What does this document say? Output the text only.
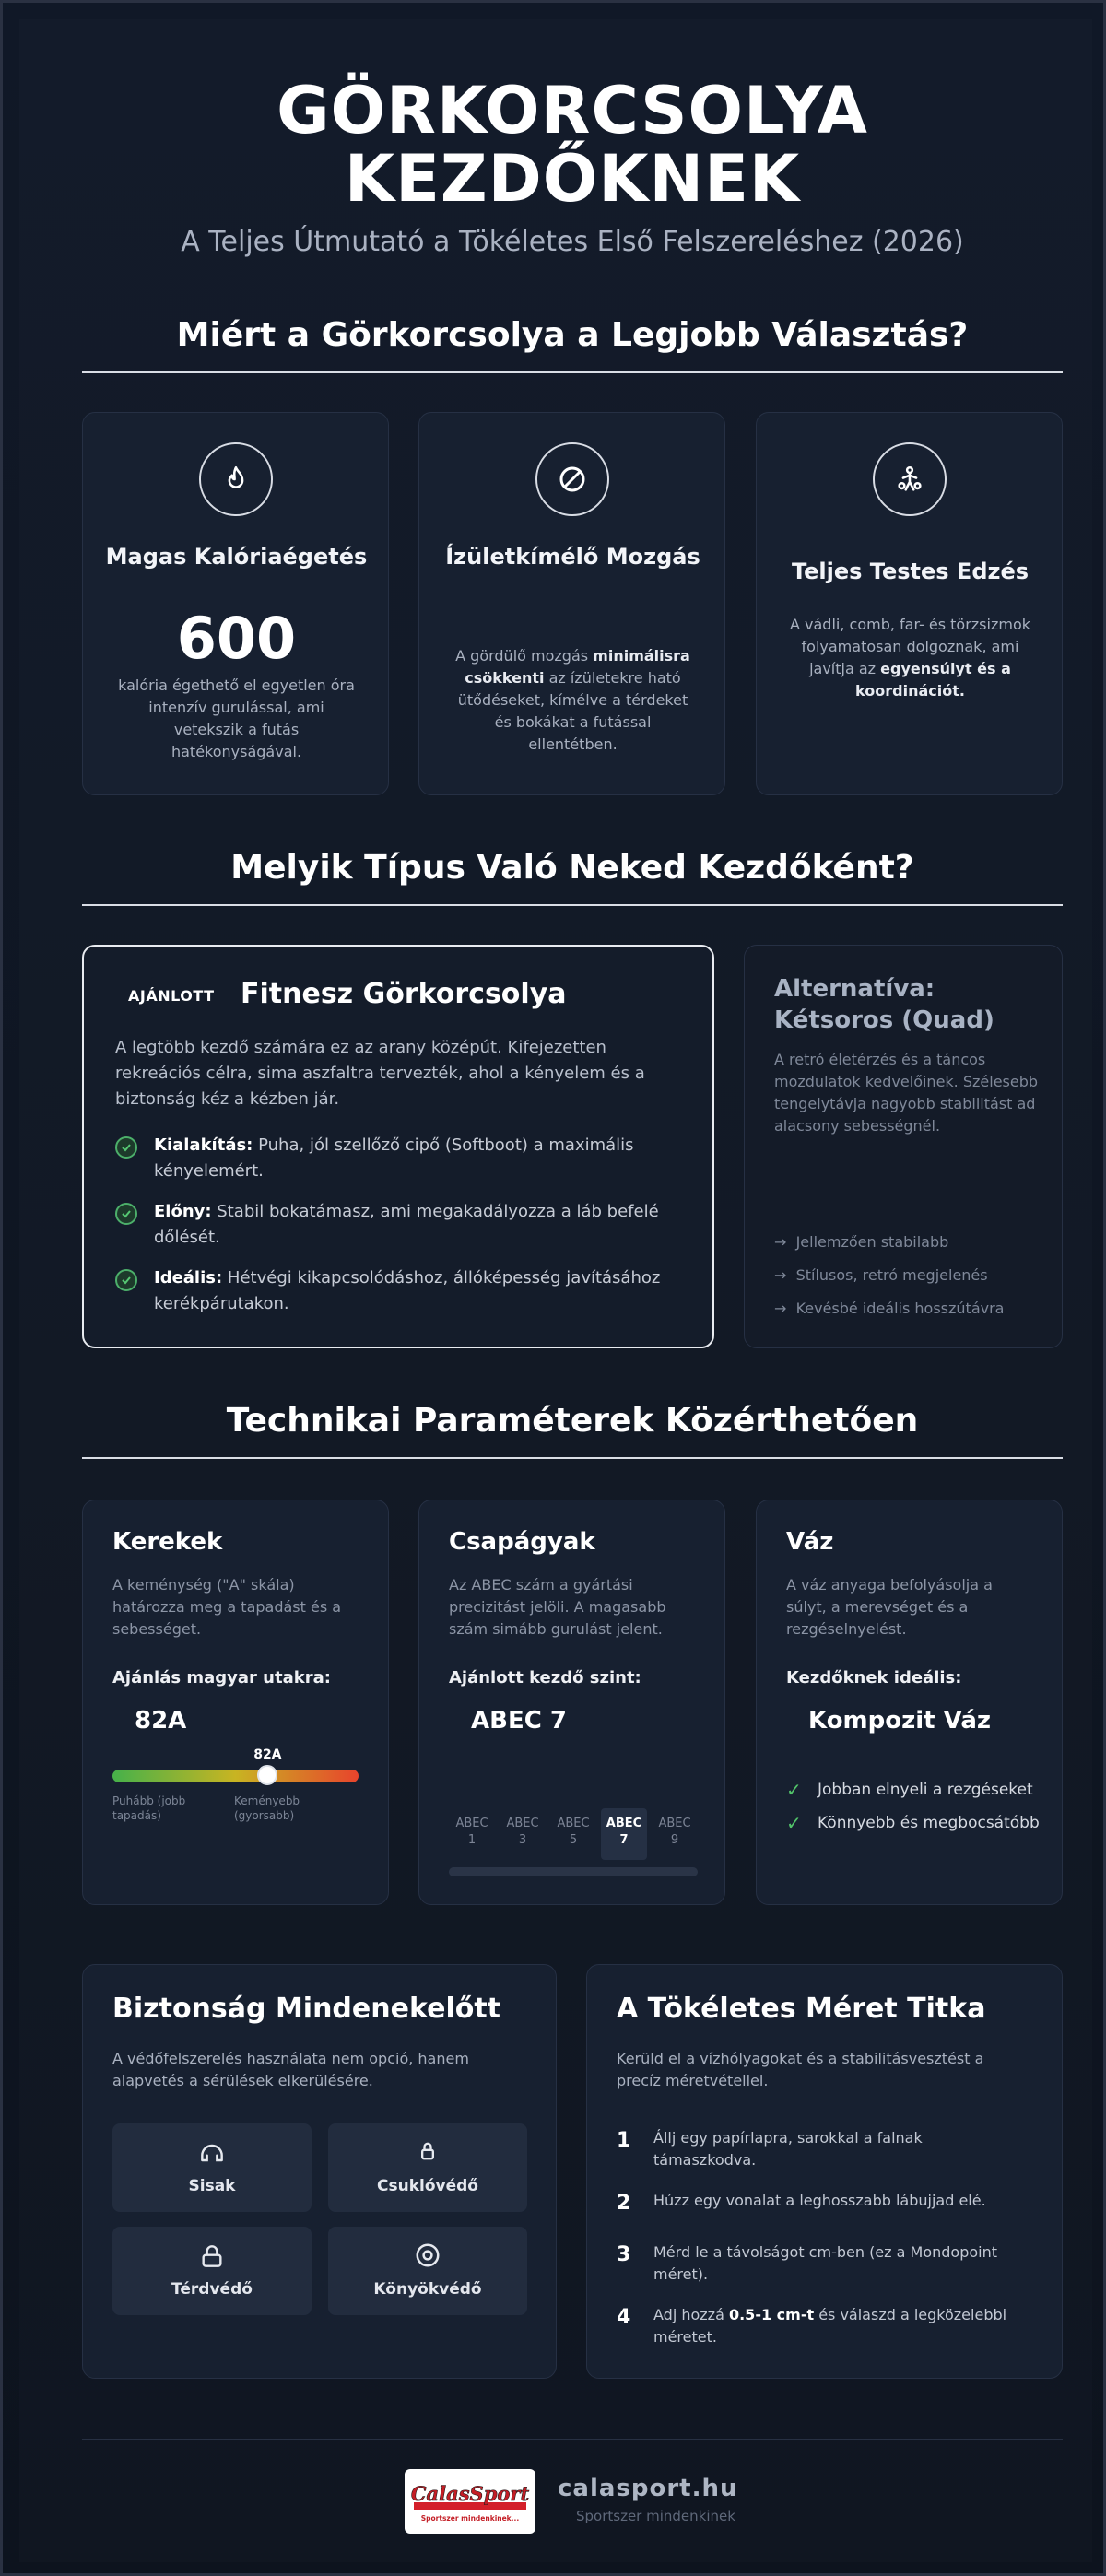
GÖRKORCSOLYA
KEZDŐKNEK
A Teljes Útmutató a Tökéletes Első Felszereléshez (2026)
Miért a Görkorcsolya a Legjobb Választás?
Magas Kalóriaégetés
600
kalória égethető el egyetlen óra intenzív gurulással, ami vetekszik a futás hatékonyságával.
Ízületkímélő Mozgás
A gördülő mozgás minimálisra csökkenti az ízületekre ható ütődéseket, kímélve a térdeket és bokákat a futással ellentétben.
Teljes Testes Edzés
A vádli, comb, far- és törzsizmok folyamatosan dolgoznak, ami javítja az egyensúlyt és a koordinációt.
Melyik Típus Való Neked Kezdőként?
AJÁNLOTT Fitnesz Görkorcsolya
A legtöbb kezdő számára ez az arany középút. Kifejezetten rekreációs célra, sima aszfaltra tervezték, ahol a kényelem és a biztonság kéz a kézben jár.
Kialakítás: Puha, jól szellőző cipő (Softboot) a maximális kényelemért.
Előny: Stabil bokatámasz, ami megakadályozza a láb befelé dőlését.
Ideális: Hétvégi kikapcsolódáshoz, állóképesség javításához kerékpárutakon.
Alternatíva: Kétsoros (Quad)
A retró életérzés és a táncos mozdulatok kedvelőinek. Szélesebb tengelytávja nagyobb stabilitást ad alacsony sebességnél.
→ Jellemzően stabilabb
→ Stílusos, retró megjelenés
→ Kevésbé ideális hosszútávra
Technikai Paraméterek Közérthetően
Kerekek
A keménység ("A" skála) határozza meg a tapadást és a sebességet.
Ajánlás magyar utakra:
82A
82A
Puhább (jobb tapadás)
Keményebb (gyorsabb)
Csapágyak
Az ABEC szám a gyártási precizitást jelöli. A magasabb szám simább gurulást jelent.
Ajánlott kezdő szint:
ABEC 7
ABEC
1
ABEC
3
ABEC
5
ABEC
7
ABEC
9
Váz
A váz anyaga befolyásolja a súlyt, a merevséget és a rezgéselnyelést.
Kezdőknek ideális:
Kompozit Váz
✓ Jobban elnyeli a rezgéseket
✓ Könnyebb és megbocsátóbb
Biztonság Mindenekelőtt
A védőfelszerelés használata nem opció, hanem alapvetés a sérülések elkerülésére.
Sisak	Csuklóvédő
Térdvédő	Könyökvédő
A Tökéletes Méret Titka
Kerüld el a vízhólyagokat és a stabilitásvesztést a precíz méretvétellel.
1	Állj egy papírlapra, sarokkal a falnak támaszkodva.
2	Húzz egy vonalat a leghosszabb lábujjad elé.
3	Mérd le a távolságot cm-ben (ez a Mondopoint méret).
4	Adj hozzá 0.5-1 cm-t és válaszd a legközelebbi méretet.
CalasSport
Sportszer mindenkinek...
calasport.hu
Sportszer mindenkinek
